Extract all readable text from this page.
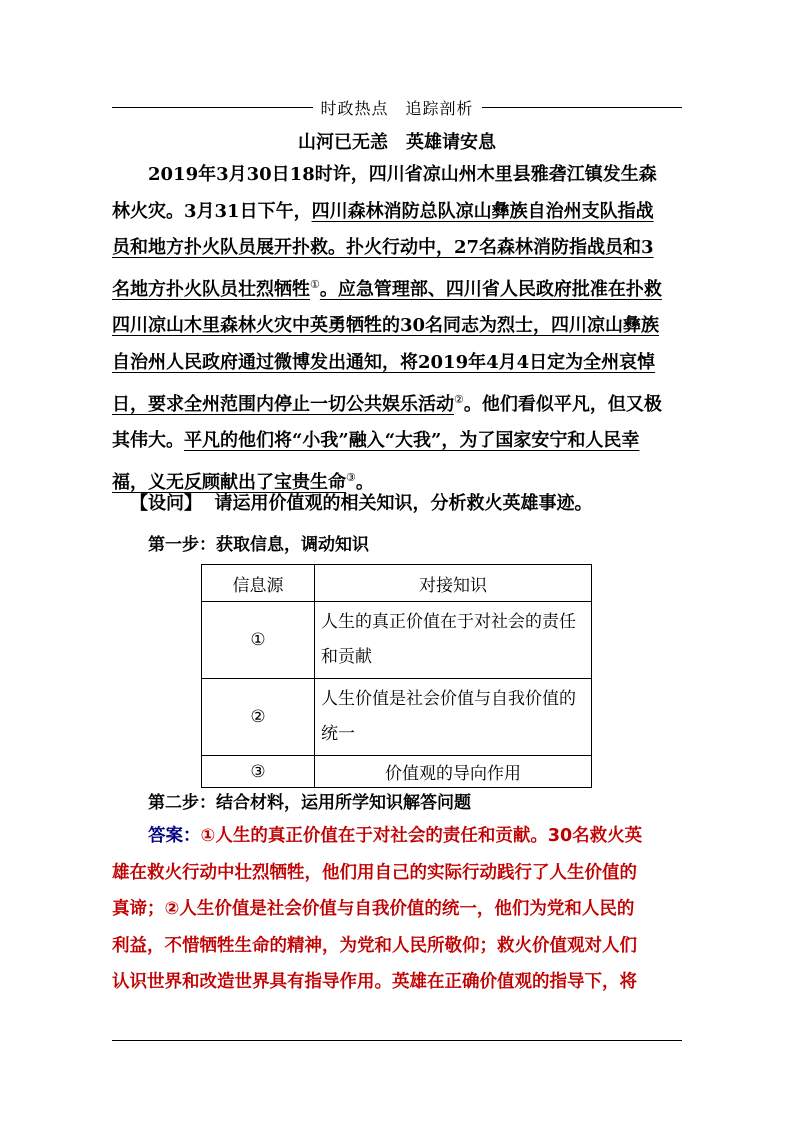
时政热点　追踪剖析
山河已无恙 英雄请安息

2019年3月30日18时许，四川省凉山州木里县雅砻江镇发生森
林火灾。3月31日下午，四川森林消防总队凉山彝族自治州支队指战
员和地方扑火队员展开扑救。扑火行动中，27名森林消防指战员和3
名地方扑火队员壮烈牺牲①。应急管理部、四川省人民政府批准在扑救
四川凉山木里森林火灾中英勇牺牲的30名同志为烈士，四川凉山彝族
自治州人民政府通过微博发出通知，将2019年4月4日定为全州哀悼
日，要求全州范围内停止一切公共娱乐活动②。他们看似平凡，但又极
其伟大。平凡的他们将“小我”融入“大我”，为了国家安宁和人民幸
福，义无反顾献出了宝贵生命③。

【设问】 请运用价值观的相关知识，分析救火英雄事迹。
第一步：获取信息，调动知识
信息源	对接知识
①	人生的真正价值在于对社会的责任和贡献
②	人生价值是社会价值与自我价值的统一
③	价值观的导向作用
第二步：结合材料，运用所学知识解答问题

答案：①人生的真正价值在于对社会的责任和贡献。30名救火英
雄在救火行动中壮烈牺牲，他们用自己的实际行动践行了人生价值的
真谛；②人生价值是社会价值与自我价值的统一，他们为党和人民的
利益，不惜牺牲生命的精神，为党和人民所敬仰；救火价值观对人们
认识世界和改造世界具有指导作用。英雄在正确价值观的指导下，将
